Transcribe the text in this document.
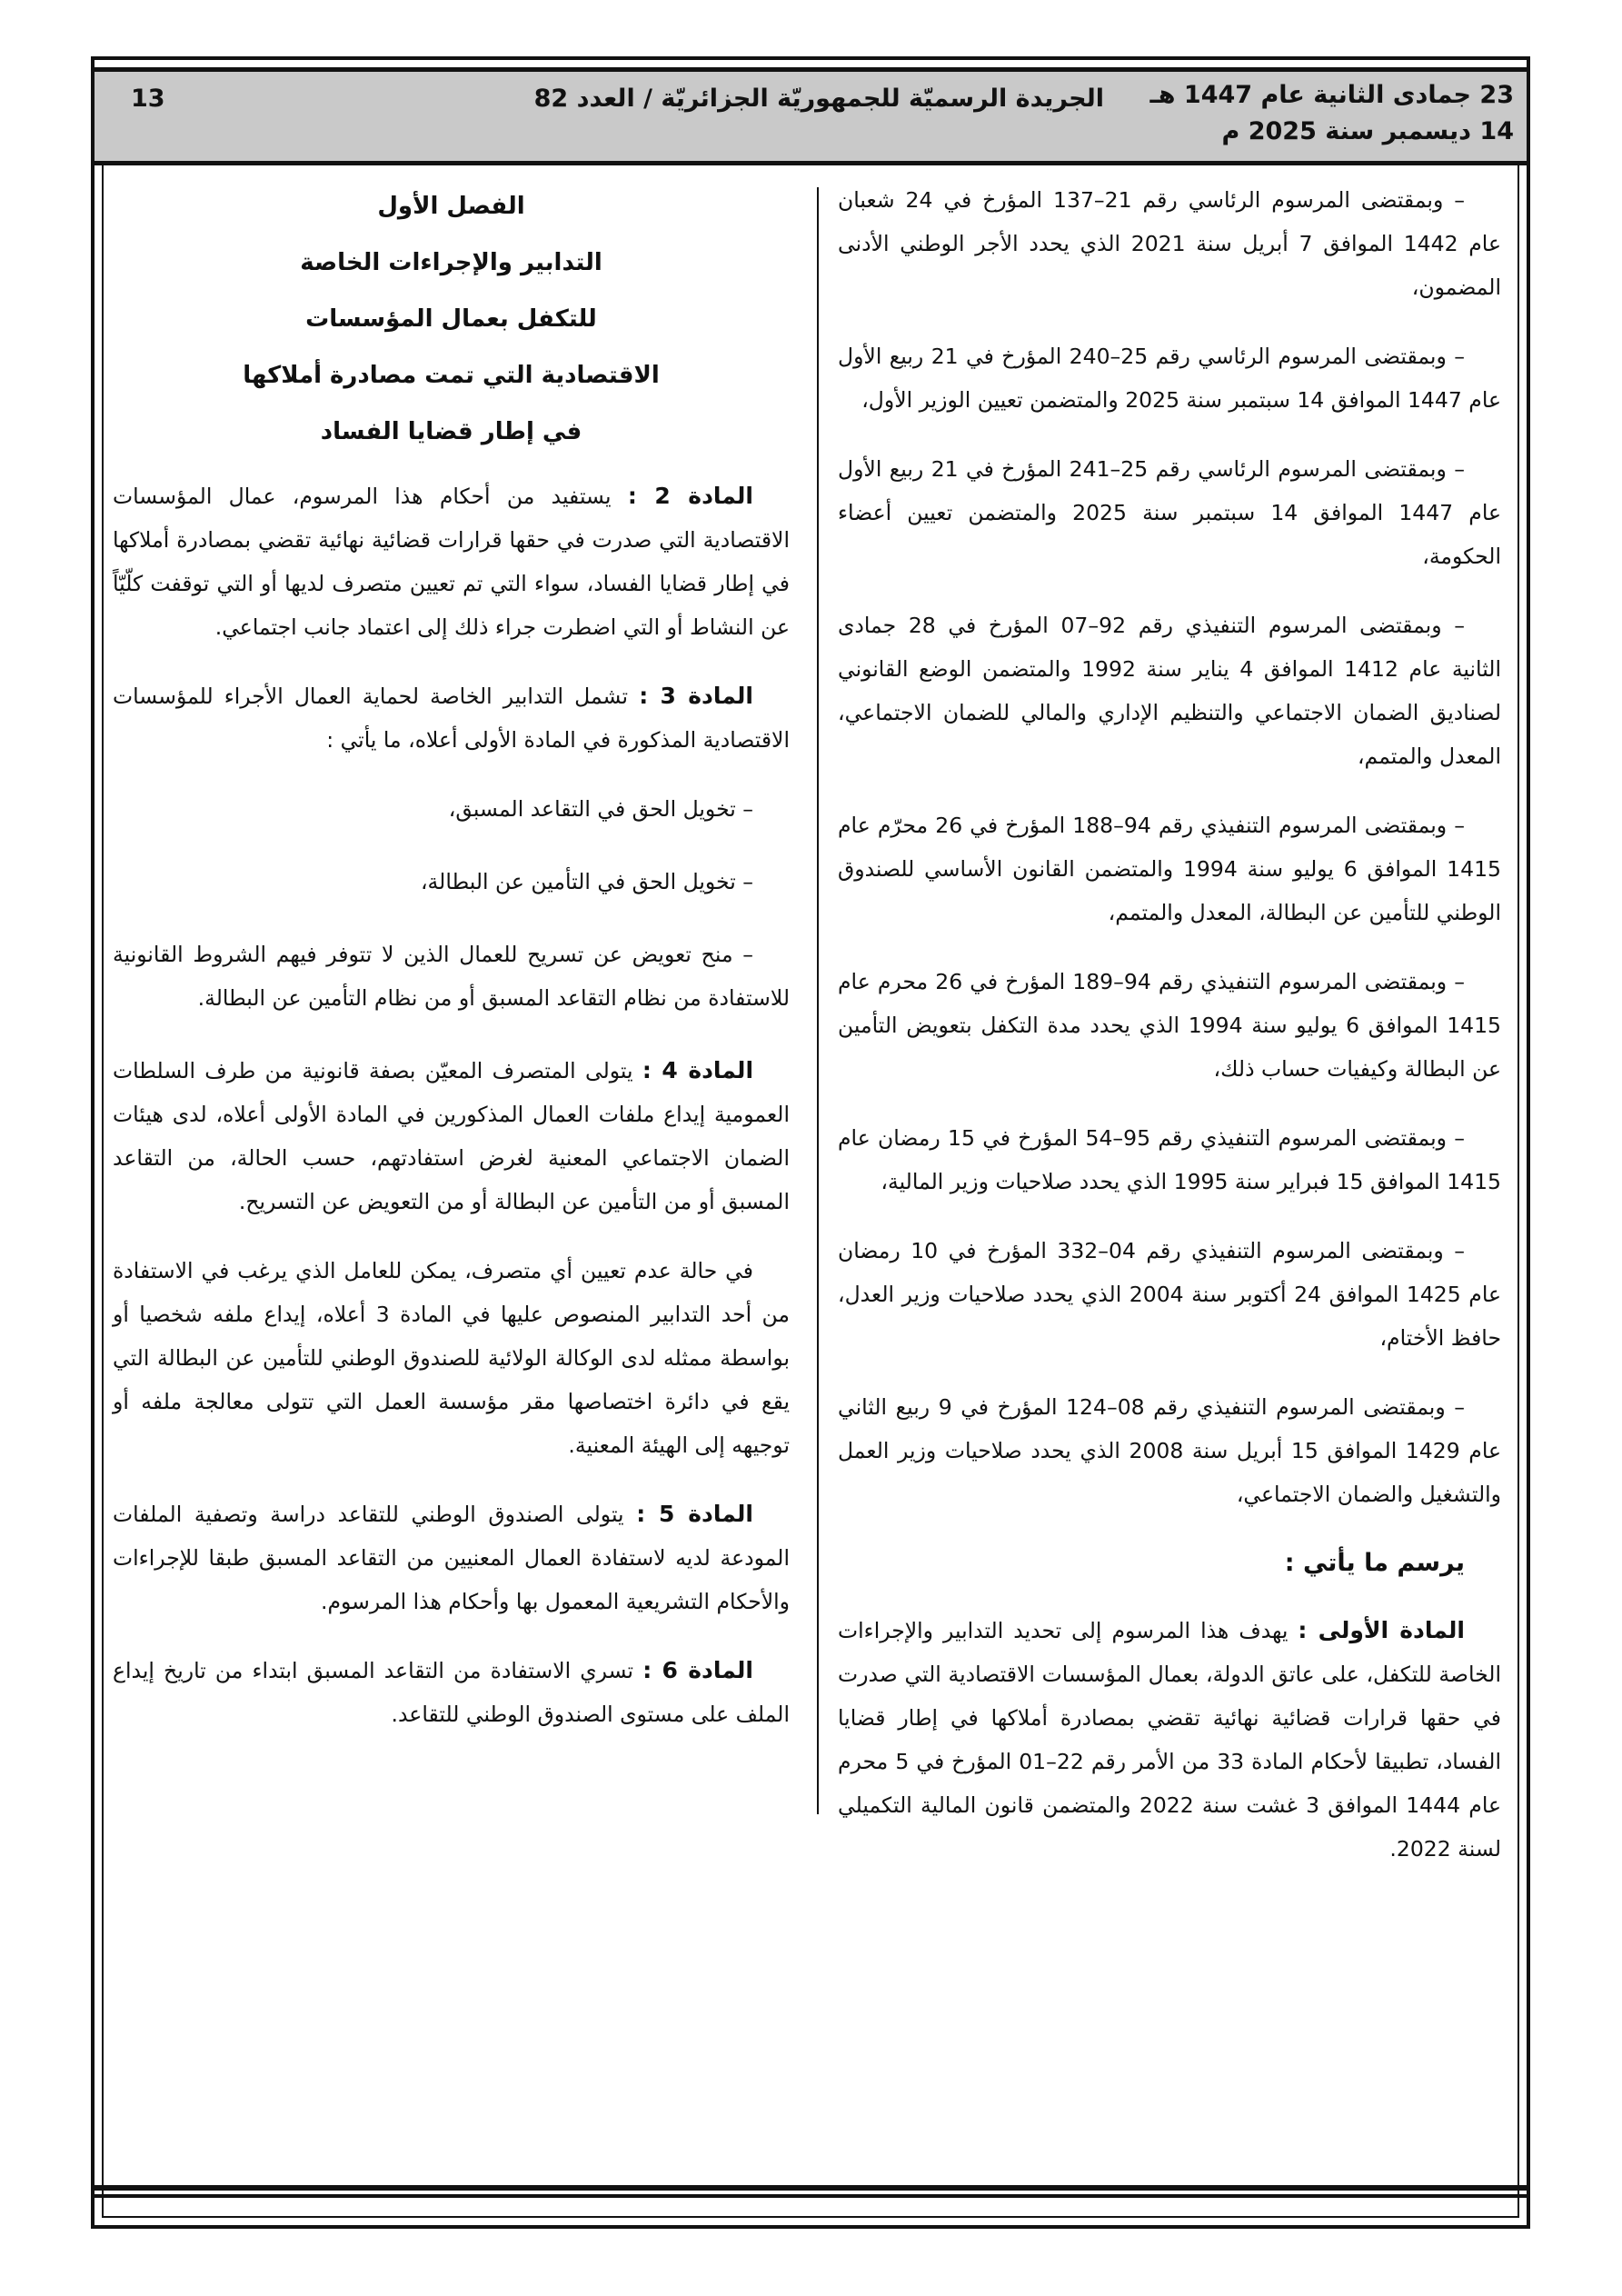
23 جمادى الثانية عام 1447 هـ
14 ديسمبر سنة 2025 م
الجريدة الرسميّة للجمهوريّة الجزائريّة / العدد 82
13

– وبمقتضى المرسوم الرئاسي رقم 21–137 المؤرخ في 24 شعبان عام 1442 الموافق 7 أبريل سنة 2021 الذي يحدد الأجر الوطني الأدنى المضمون،

– وبمقتضى المرسوم الرئاسي رقم 25–240 المؤرخ في 21 ربيع الأول عام 1447 الموافق 14 سبتمبر سنة 2025 والمتضمن تعيين الوزير الأول،

– وبمقتضى المرسوم الرئاسي رقم 25–241 المؤرخ في 21 ربيع الأول عام 1447 الموافق 14 سبتمبر سنة 2025 والمتضمن تعيين أعضاء الحكومة،

– وبمقتضى المرسوم التنفيذي رقم 92–07 المؤرخ في 28 جمادى الثانية عام 1412 الموافق 4 يناير سنة 1992 والمتضمن الوضع القانوني لصناديق الضمان الاجتماعي والتنظيم الإداري والمالي للضمان الاجتماعي، المعدل والمتمم،

– وبمقتضى المرسوم التنفيذي رقم 94–188 المؤرخ في 26 محرّم عام 1415 الموافق 6 يوليو سنة 1994 والمتضمن القانون الأساسي للصندوق الوطني للتأمين عن البطالة، المعدل والمتمم،

– وبمقتضى المرسوم التنفيذي رقم 94–189 المؤرخ في 26 محرم عام 1415 الموافق 6 يوليو سنة 1994 الذي يحدد مدة التكفل بتعويض التأمين عن البطالة وكيفيات حساب ذلك،

– وبمقتضى المرسوم التنفيذي رقم 95–54 المؤرخ في 15 رمضان عام 1415 الموافق 15 فبراير سنة 1995 الذي يحدد صلاحيات وزير المالية،

– وبمقتضى المرسوم التنفيذي رقم 04–332 المؤرخ في 10 رمضان عام 1425 الموافق 24 أكتوبر سنة 2004 الذي يحدد صلاحيات وزير العدل، حافظ الأختام،

– وبمقتضى المرسوم التنفيذي رقم 08–124 المؤرخ في 9 ربيع الثاني عام 1429 الموافق 15 أبريل سنة 2008 الذي يحدد صلاحيات وزير العمل والتشغيل والضمان الاجتماعي،

يرسم ما يأتي :

المادة الأولى : يهدف هذا المرسوم إلى تحديد التدابير والإجراءات الخاصة للتكفل، على عاتق الدولة، بعمال المؤسسات الاقتصادية التي صدرت في حقها قرارات قضائية نهائية تقضي بمصادرة أملاكها في إطار قضايا الفساد، تطبيقا لأحكام المادة 33 من الأمر رقم 22–01 المؤرخ في 5 محرم عام 1444 الموافق 3 غشت سنة 2022 والمتضمن قانون المالية التكميلي لسنة 2022.

الفصل الأول
التدابير والإجراءات الخاصة
للتكفل بعمال المؤسسات
الاقتصادية التي تمت مصادرة أملاكها
في إطار قضايا الفساد

المادة 2 : يستفيد من أحكام هذا المرسوم، عمال المؤسسات الاقتصادية التي صدرت في حقها قرارات قضائية نهائية تقضي بمصادرة أملاكها في إطار قضايا الفساد، سواء التي تم تعيين متصرف لديها أو التي توقفت كلّيّاً عن النشاط أو التي اضطرت جراء ذلك إلى اعتماد جانب اجتماعي.

المادة 3 : تشمل التدابير الخاصة لحماية العمال الأجراء للمؤسسات الاقتصادية المذكورة في المادة الأولى أعلاه، ما يأتي :

– تخويل الحق في التقاعد المسبق،

– تخويل الحق في التأمين عن البطالة،

– منح تعويض عن تسريح للعمال الذين لا تتوفر فيهم الشروط القانونية للاستفادة من نظام التقاعد المسبق أو من نظام التأمين عن البطالة.

المادة 4 : يتولى المتصرف المعيّن بصفة قانونية من طرف السلطات العمومية إيداع ملفات العمال المذكورين في المادة الأولى أعلاه، لدى هيئات الضمان الاجتماعي المعنية لغرض استفادتهم، حسب الحالة، من التقاعد المسبق أو من التأمين عن البطالة أو من التعويض عن التسريح.

في حالة عدم تعيين أي متصرف، يمكن للعامل الذي يرغب في الاستفادة من أحد التدابير المنصوص عليها في المادة 3 أعلاه، إيداع ملفه شخصيا أو بواسطة ممثله لدى الوكالة الولائية للصندوق الوطني للتأمين عن البطالة التي يقع في دائرة اختصاصها مقر مؤسسة العمل التي تتولى معالجة ملفه أو توجيهه إلى الهيئة المعنية.

المادة 5 : يتولى الصندوق الوطني للتقاعد دراسة وتصفية الملفات المودعة لديه لاستفادة العمال المعنيين من التقاعد المسبق طبقا للإجراءات والأحكام التشريعية المعمول بها وأحكام هذا المرسوم.

المادة 6 : تسري الاستفادة من التقاعد المسبق ابتداء من تاريخ إيداع الملف على مستوى الصندوق الوطني للتقاعد.
